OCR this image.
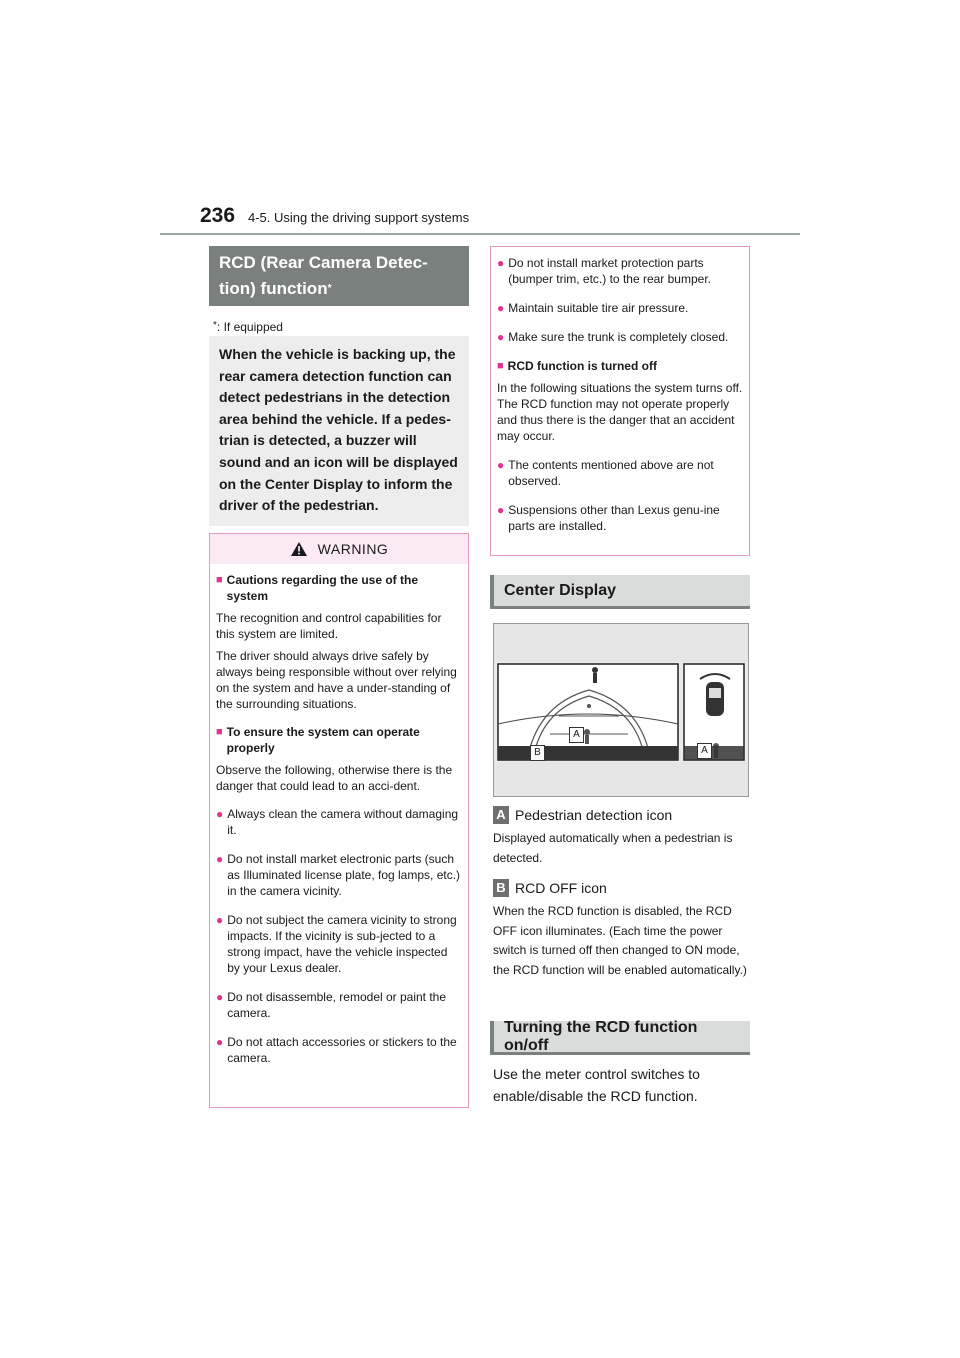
236 4-5. Using the driving support systems
RCD (Rear Camera Detec-
tion) function*
*: If equipped
When the vehicle is backing up, the rear camera detection function can detect pedestrians in the detection area behind the vehicle. If a pedes-trian is detected, a buzzer will sound and an icon will be displayed on the Center Display to inform the driver of the pedestrian.
WARNING
■ Cautions regarding the use of the system
The recognition and control capabilities for this system are limited.
The driver should always drive safely by always being responsible without over relying on the system and have a under-standing of the surrounding situations.
■ To ensure the system can operate properly
Observe the following, otherwise there is the danger that could lead to an acci-dent.
● Always clean the camera without damaging it.
● Do not install market electronic parts (such as Illuminated license plate, fog lamps, etc.) in the camera vicinity.
● Do not subject the camera vicinity to strong impacts. If the vicinity is sub-jected to a strong impact, have the vehicle inspected by your Lexus dealer.
● Do not disassemble, remodel or paint the camera.
● Do not attach accessories or stickers to the camera.
● Do not install market protection parts (bumper trim, etc.) to the rear bumper.
● Maintain suitable tire air pressure.
● Make sure the trunk is completely closed.
■ RCD function is turned off
In the following situations the system turns off. The RCD function may not operate properly and thus there is the danger that an accident may occur.
● The contents mentioned above are not observed.
● Suspensions other than Lexus genu-ine parts are installed.
Center Display
A
B	A
A Pedestrian detection icon
Displayed automatically when a pedestrian is detected.
B RCD OFF icon
When the RCD function is disabled, the RCD OFF icon illuminates. (Each time the power switch is turned off then changed to ON mode, the RCD function will be enabled automatically.)
Turning the RCD function on/off
Use the meter control switches to enable/disable the RCD function.
